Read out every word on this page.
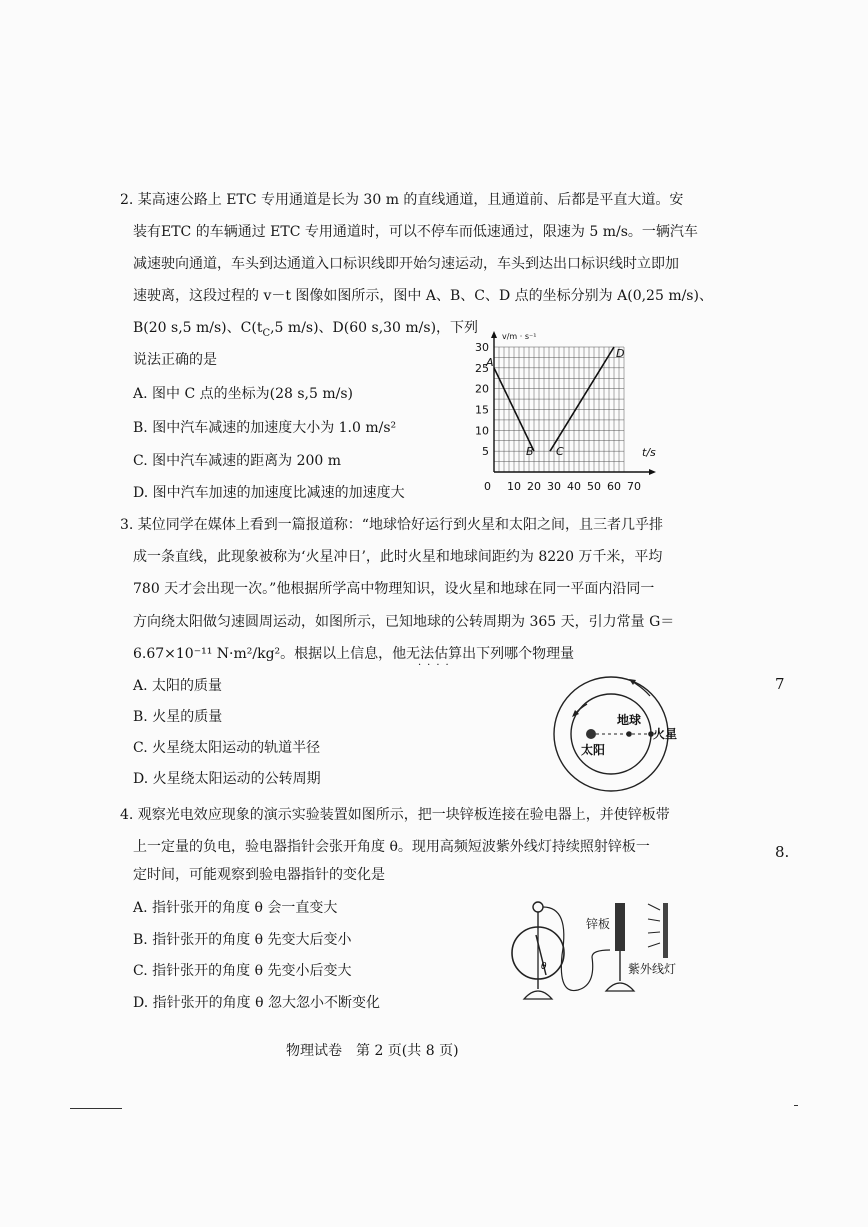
2. 某高速公路上 ETC 专用通道是长为 30 m 的直线通道，且通道前、后都是平直大道。安
装有ETC 的车辆通过 ETC 专用通道时，可以不停车而低速通过，限速为 5 m/s。一辆汽车
减速驶向通道，车头到达通道入口标识线即开始匀速运动，车头到达出口标识线时立即加
速驶离，这段过程的 v－t 图像如图所示，图中 A、B、C、D 点的坐标分别为 A(0,25 m/s)、
B(20 s,5 m/s)、$C(t_C,5$ m/s)、D(60 s,30 m/s)，下列
说法正确的是
A. 图中 C 点的坐标为(28 s,5 m/s)
B. 图中汽车减速的加速度大小为 1.0 m/s²
C. 图中汽车减速的距离为 200 m
D. 图中汽车加速的加速度比减速的加速度大
v/m · s⁻¹
t/s
0
5
10
15
20
25
30
10 20 30 40 50 60 70
A
B C
D
3. 某位同学在媒体上看到一篇报道称：“地球恰好运行到火星和太阳之间，且三者几乎排
成一条直线，此现象被称为‘火星冲日’，此时火星和地球间距约为 8220 万千米，平均
780 天才会出现一次。”他根据所学高中物理知识，设火星和地球在同一平面内沿同一
方向绕太阳做匀速圆周运动，如图所示，已知地球的公转周期为 365 天，引力常量 G＝
6.67×10⁻¹¹ N·m²/kg²。根据以上信息，他无法估算出下列哪个物理量
····
A. 太阳的质量
B. 火星的质量
C. 火星绕太阳运动的轨道半径
D. 火星绕太阳运动的公转周期
太阳
地球
火星
4. 观察光电效应现象的演示实验装置如图所示，把一块锌板连接在验电器上，并使锌板带
上一定量的负电，验电器指针会张开角度 θ。现用高频短波紫外线灯持续照射锌板一
定时间，可能观察到验电器指针的变化是
A. 指针张开的角度 θ 会一直变大
B. 指针张开的角度 θ 先变大后变小
C. 指针张开的角度 θ 先变小后变大
D. 指针张开的角度 θ 忽大忽小不断变化
θ
锌板
紫外线灯
物理试卷　第 2 页(共 8 页)
7
8.
